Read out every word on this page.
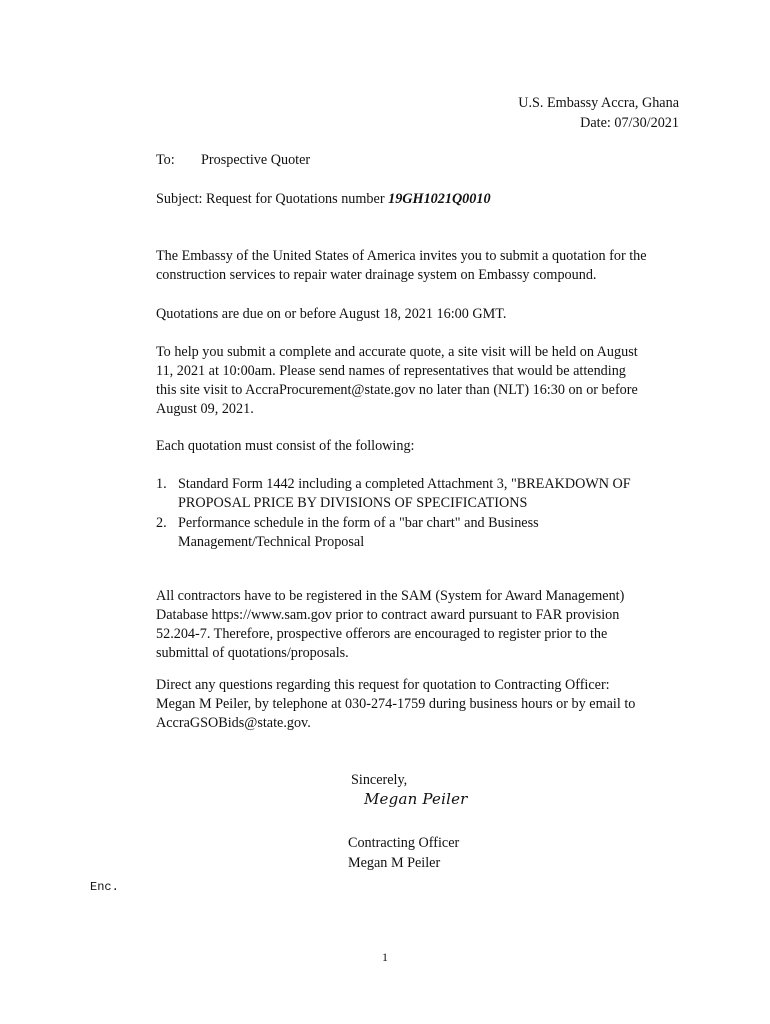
U.S. Embassy Accra, Ghana
Date: 07/30/2021
To: Prospective Quoter
Subject: Request for Quotations number 19GH1021Q0010

The Embassy of the United States of America invites you to submit a quotation for the

construction services to repair water drainage system on Embassy compound.

Quotations are due on or before August 18, 2021 16:00 GMT.

To help you submit a complete and accurate quote, a site visit will be held on August

11, 2021 at 10:00am. Please send names of representatives that would be attending

this site visit to AccraProcurement@state.gov no later than (NLT) 16:30 on or before

August 09, 2021.

Each quotation must consist of the following:
1. Standard Form 1442 including a completed Attachment 3, "BREAKDOWN OF

PROPOSAL PRICE BY DIVISIONS OF SPECIFICATIONS

2. Performance schedule in the form of a "bar chart" and Business

Management/Technical Proposal

All contractors have to be registered in the SAM (System for Award Management)

Database https://www.sam.gov prior to contract award pursuant to FAR provision

52.204-7. Therefore, prospective offerors are encouraged to register prior to the

submittal of quotations/proposals.

Direct any questions regarding this request for quotation to Contracting Officer:

Megan M Peiler, by telephone at 030-274-1759 during business hours or by email to

AccraGSOBids@state.gov.

Sincerely,
Megan Peiler
Contracting Officer
Megan M Peiler
Enc.
1
